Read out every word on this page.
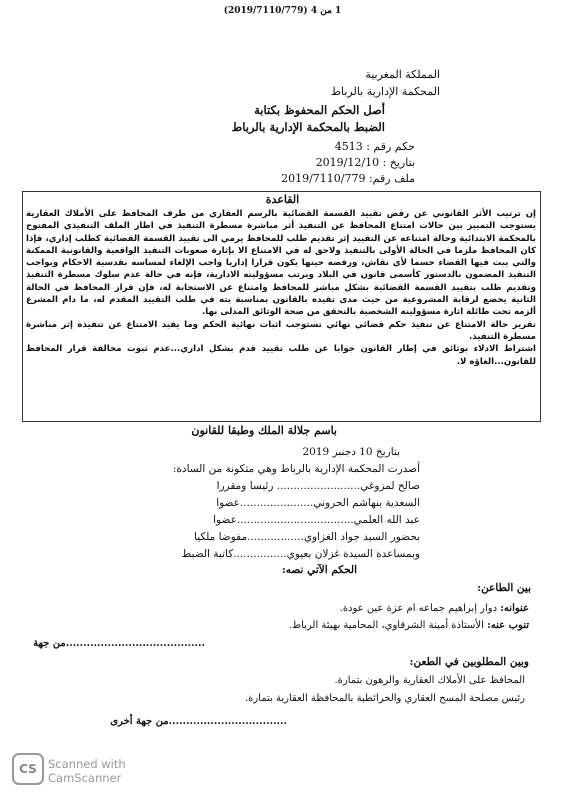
1 من 4 (2019/7110/779)
المملكة المغربية
المحكمة الإدارية بالرباط
أصل الحكم المحفوظ بكتابة
الضبط بالمحكمة الإدارية بالرباط
حكم رقم : 4513
بتاريخ : 2019/12/10
ملف رقم: 2019/7110/779
القاعدة

إن ترتيب الأثر القانوني عن رفض تقييد القسمة القضائية بالرسم العقاري من طرف المحافظ على الأملاك العقارية يستوجب التمييز بين حالات امتناع المحافظ عن التنفيذ أثر مباشرة مسطرة التنفيذ في اطار الملف التنفيذي المفتوح بالمحكمة الابتدائية وحالة امتناعه عن التقييد إثر تقديم طلب للمحافظ يرمي الى تقييد القسمة القضائية كطلب إداري، فإذا كان المحافظ ملزما في الحالة الأولى بالتنفيذ ولاحق له في الامتناع الا بإثارة صعوبات التنفيذ الواقعية والقانونية الممكنة والتي يبت فيها القضاء حسما لأي نقاش، ورفضه حينها يكون قرارا إداريا واجب الإلغاء لمساسه بقدسية الاحكام وبواجب التنفيذ المضمون بالدستور كأسمى قانون في البلاد ويرتب مسؤوليته الادارية، فإنه في حالة عدم سلوك مسطرة التنفيذ وتقديم طلب بتقييد القسمة القضائية بشكل مباشر للمحافظ وامتناع عن الاستجابة له، فإن قرار المحافظ في الحالة الثانية يخضع لرقابة المشروعية من حيث مدى تقيده بالقانون بمناسبة بته في طلب التقييد المقدم له، ما دام المشرع ألزمه تحت طائلة اثارة مسؤوليته الشخصية بالتحقق من صحة الوثائق المدلى بها.

تقرير حالة الامتناع عن تنفيذ حكم قضائي نهائي تستوجب اثبات نهائية الحكم وما يفيد الامتناع عن تنفيذه إثر مباشرة مسطرة التنفيذ.

اشتراط الادلاء بوثائق في إطار القانون جوابا عن طلب تقييد قدم بشكل اداري...عدم ثبوت مخالفة قرار المحافظ للقانون...الغاؤه لا.

باسم جلالة الملك وطبقا للقانون
بتاريخ 10 دجنبر 2019
أصدرت المحكمة الإدارية بالرباط وهي متكونة من السادة:
صالح لمزوغي......................... رئيسا ومقررا
السعدية بنهاشم الحروني......................عضوا
عبد الله العلمي...................................عضوا
بحضور السيد جواد الغزاوي.................مفوضا ملكيا
وبمساعدة السيدة غزلان بعيوي................كاتبة الضبط
الحكم الآتي نصه:
بين الطاعن:
عنوانه: دوار إبراهيم جماعه ام عزة عين عودة.
تنوب عنه: الأستاذة أمينة الشرقاوي، المحامية بهيئة الرباط.
........................................من جهة
وبين المطلوبين في الطعن:
المحافظ على الأملاك العقارية والرهون بتمارة.
رئيس مصلحة المسح العقاري والخرائطية بالمحافظة العقارية بتمارة.
..................................من جهة أخرى
CS Scanned with
CamScanner
